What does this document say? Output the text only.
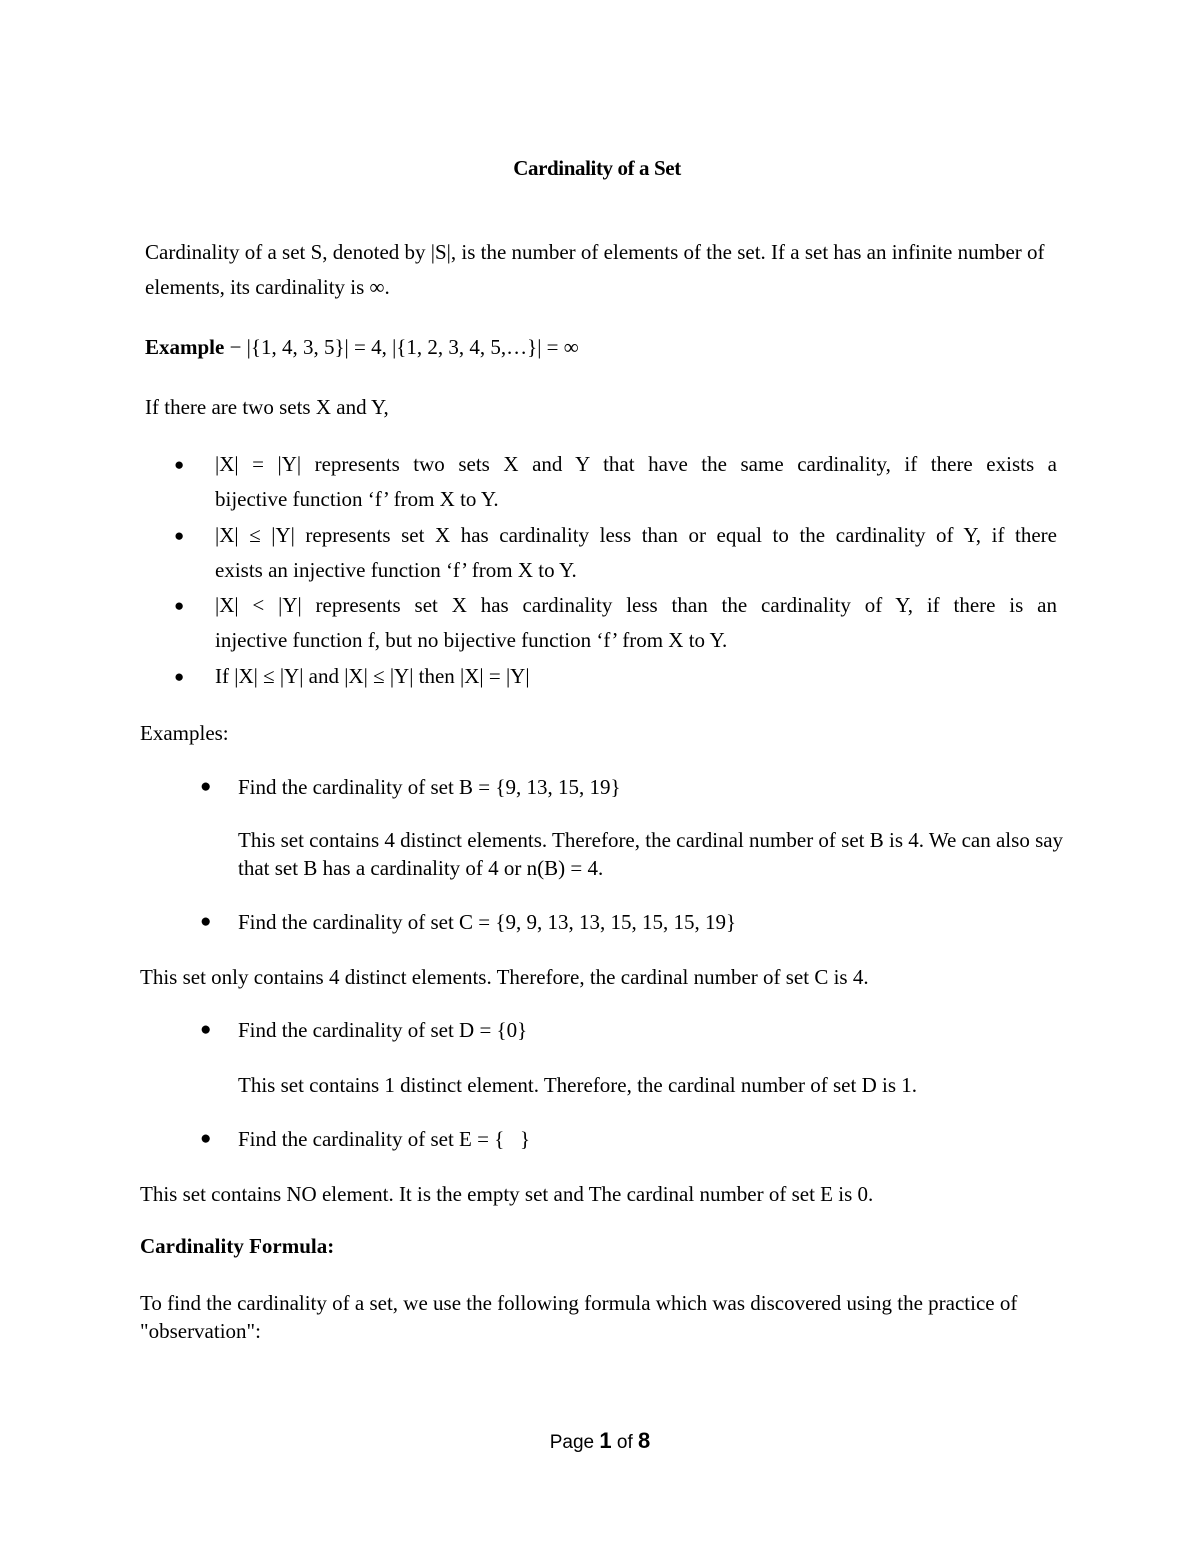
Cardinality of a Set
Cardinality of a set S, denoted by |S|, is the number of elements of the set. If a set has an infinite number of elements, its cardinality is ∞.
Example − |{1, 4, 3, 5}| = 4, |{1, 2, 3, 4, 5,…}| = ∞
If there are two sets X and Y,
● |X| = |Y| represents two sets X and Y that have the same cardinality, if there exists a
bijective function ‘f’ from X to Y.
● |X| ≤ |Y| represents set X has cardinality less than or equal to the cardinality of Y, if there
exists an injective function ‘f’ from X to Y.
● |X| < |Y| represents set X has cardinality less than the cardinality of Y, if there is an
injective function f, but no bijective function ‘f’ from X to Y.
● If |X| ≤ |Y| and |X| ≤ |Y| then |X| = |Y|
Examples:
● Find the cardinality of set B = {9, 13, 15, 19}
This set contains 4 distinct elements. Therefore, the cardinal number of set B is 4. We can also say that set B has a cardinality of 4 or n(B) = 4.
● Find the cardinality of set C = {9, 9, 13, 13, 15, 15, 15, 19}
This set only contains 4 distinct elements. Therefore, the cardinal number of set C is 4.
● Find the cardinality of set D = {0}
This set contains 1 distinct element. Therefore, the cardinal number of set D is 1.
● Find the cardinality of set E = {   }
This set contains NO element. It is the empty set and The cardinal number of set E is 0.
Cardinality Formula:
To find the cardinality of a set, we use the following formula which was discovered using the practice of "observation":
Page 1 of 8
